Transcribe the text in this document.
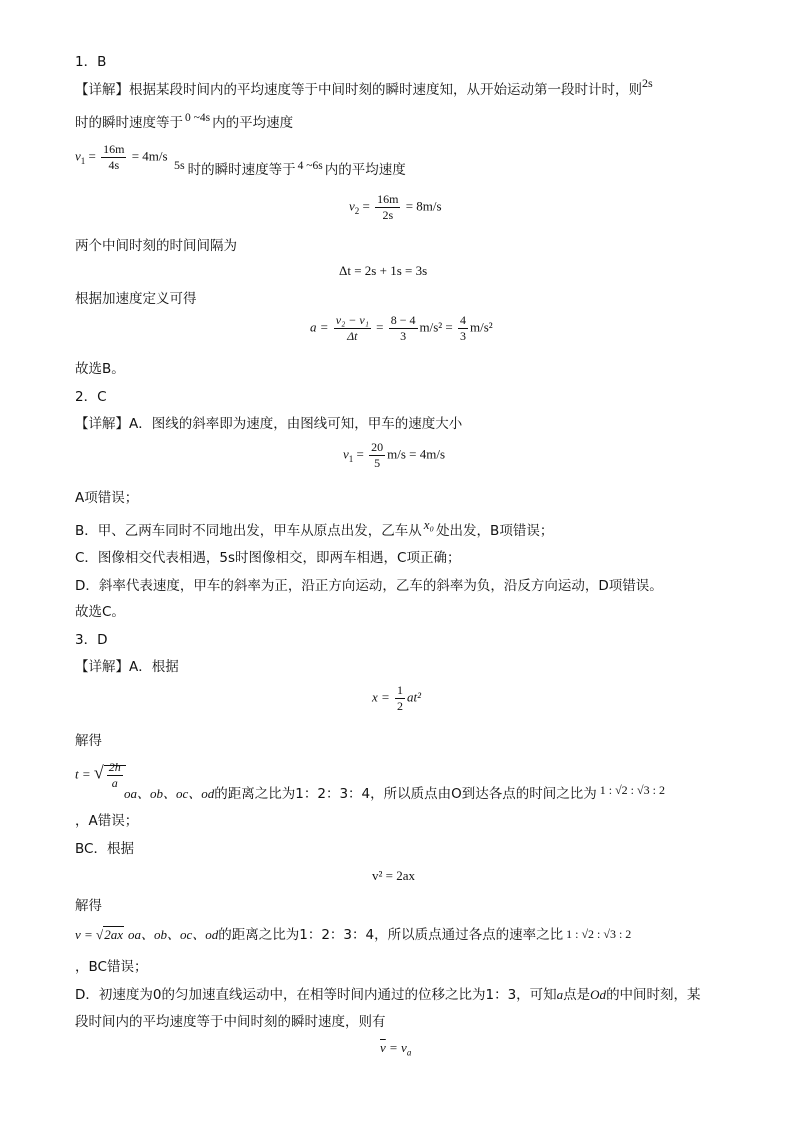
1．B
【详解】根据某段时间内的平均速度等于中间时刻的瞬时速度知，从开始运动第一段时计时，则2s
时的瞬时速度等于 0 ~4s 内的平均速度
$v_1 = \frac{16m}{4s} = 4m/s$
5s 时的瞬时速度等于 4 ~6s 内的平均速度
$v_2 = \frac{16m}{2s} = 8m/s$
两个中间时刻的时间间隔为
Δt = 2s + 1s = 3s
根据加速度定义可得
$a = \frac{\text{v₂ − v₁}}{\Delta t} = \frac{8 - 4}{3} m/s^2 = \frac{4}{3} m/s^2$
故选B。
2．C
【详解】A．图线的斜率即为速度，由图线可知，甲车的速度大小
$v_1 = \frac{20}{5} m/s = 4m/s$
A项错误；
B．甲、乙两车同时不同地出发，甲车从原点出发，乙车从 x₀ 处出发，B项错误；
C．图像相交代表相遇，5s时图像相交，即两车相遇，C项正确；
D．斜率代表速度，甲车的斜率为正，沿正方向运动，乙车的斜率为负，沿反方向运动，D项错误。
故选C。
3．D
【详解】A．根据
$x = \frac{1}{2} at^2$
解得
t = √ $\frac{2h}{a}$
oa、ob、oc、od的距离之比为1：2：3：4，所以质点由O到达各点的时间之比为 1 : √2 : √3 : 2
，A错误；
BC．根据
v² = 2ax
解得
v = √2ax oa、ob、oc、od的距离之比为1：2：3：4，所以质点通过各点的速率之比 1 : √2 : √3 : 2
，BC错误；
D．初速度为0的匀加速直线运动中，在相等时间内通过的位移之比为1：3，可知a点是Od的中间时刻，某
段时间内的平均速度等于中间时刻的瞬时速度，则有
$\overline{v} = v_a$
